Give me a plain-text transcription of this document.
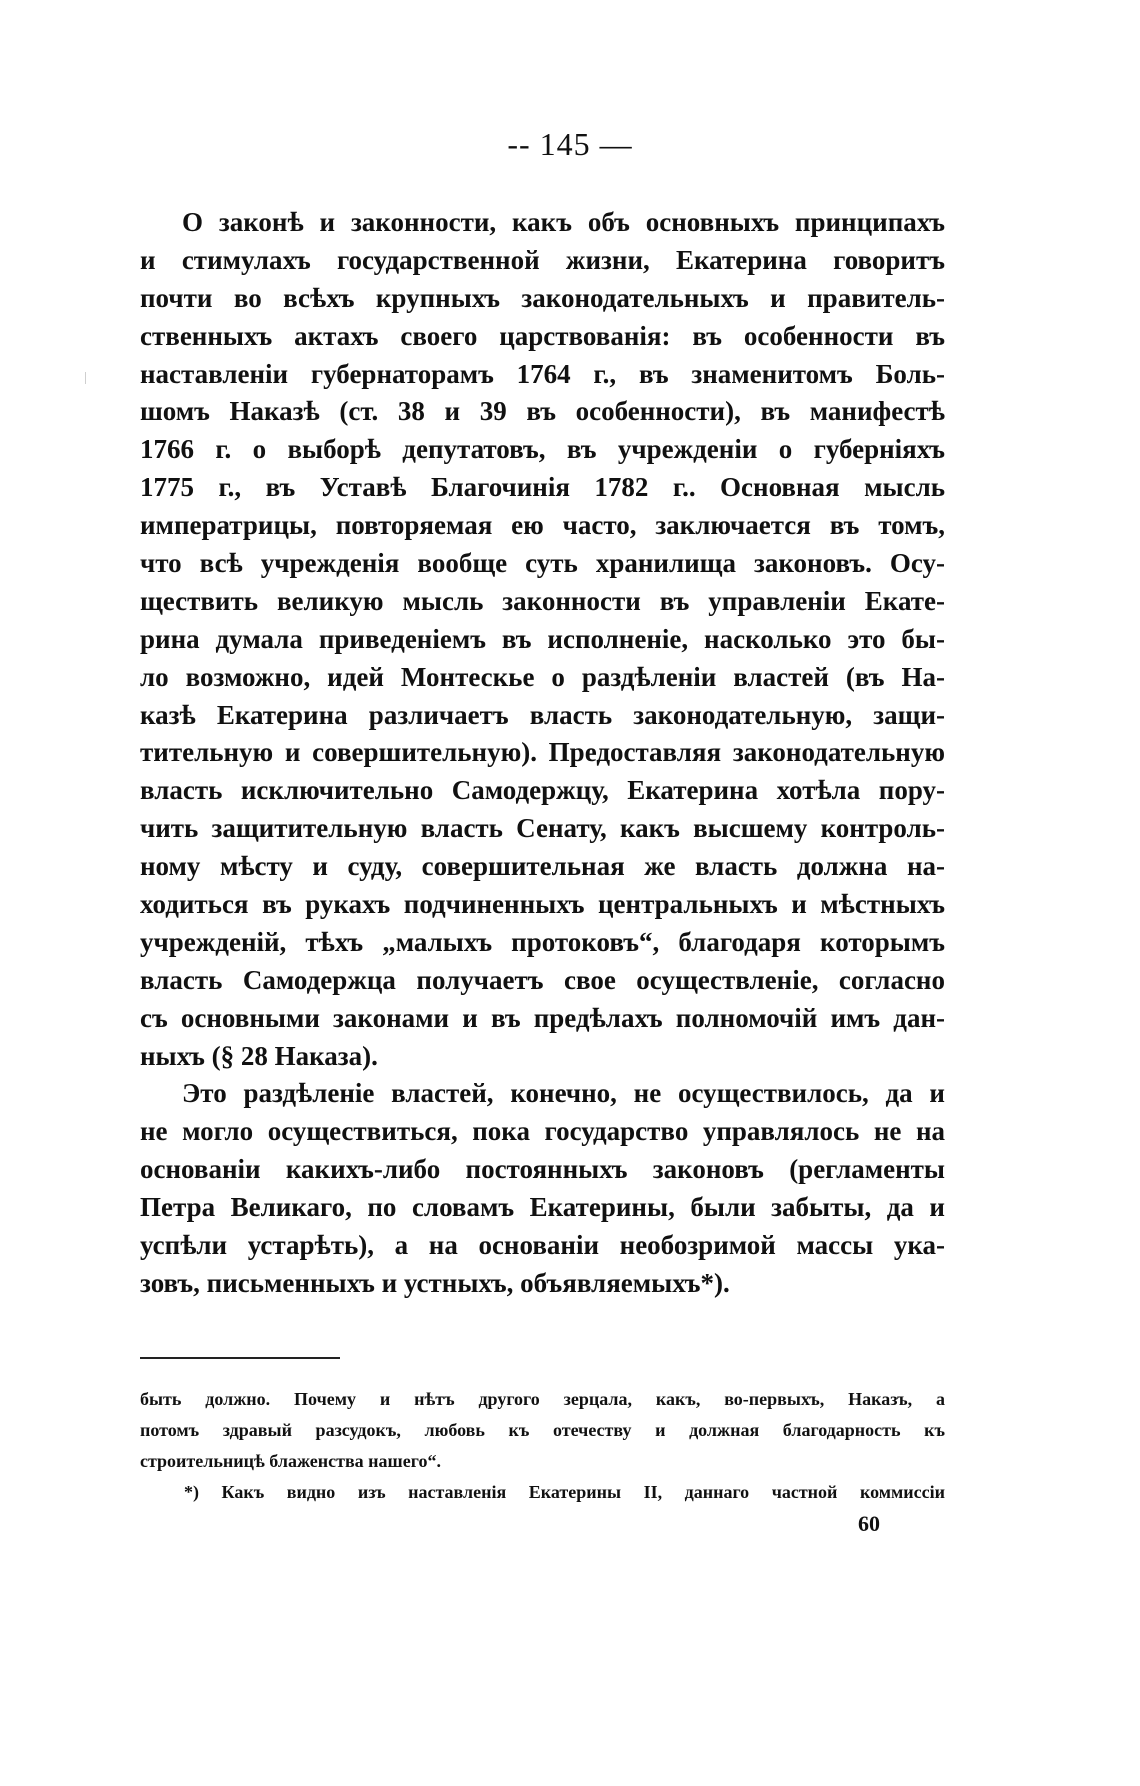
-- 145 —
О законѣ и законности, какъ объ основныхъ принципахъ
и стимулахъ государственной жизни, Екатерина говоритъ
почти во всѣхъ крупныхъ законодательныхъ и правитель-
ственныхъ актахъ своего царствованія: въ особенности въ
наставленіи губернаторамъ 1764 г., въ знаменитомъ Боль-
шомъ Наказѣ (ст. 38 и 39 въ особенности), въ манифестѣ
1766 г. о выборѣ депутатовъ, въ учрежденіи о губерніяхъ
1775 г., въ Уставѣ Благочинія 1782 г.. Основная мысль
императрицы, повторяемая ею часто, заключается въ томъ,
что всѣ учрежденія вообще суть хранилища законовъ. Осу-
ществить великую мысль законности въ управленіи Екате-
рина думала приведеніемъ въ исполненіе, насколько это бы-
ло возможно, идей Монтескье о раздѣленіи властей (въ На-
казѣ Екатерина различаетъ власть законодательную, защи-
тительную и совершительную). Предоставляя законодательную
власть исключительно Самодержцу, Екатерина хотѣла пору-
чить защитительную власть Сенату, какъ высшему контроль-
ному мѣсту и суду, совершительная же власть должна на-
ходиться въ рукахъ подчиненныхъ центральныхъ и мѣстныхъ
учрежденій, тѣхъ „малыхъ протоковъ“, благодаря которымъ
власть Самодержца получаетъ свое осуществленіе, согласно
съ основными законами и въ предѣлахъ полномочій имъ дан-
ныхъ (§ 28 Наказа).
Это раздѣленіе властей, конечно, не осуществилось, да и
не могло осуществиться, пока государство управлялось не на
основаніи какихъ-либо постоянныхъ законовъ (регламенты
Петра Великаго, по словамъ Екатерины, были забыты, да и
успѣли устарѣть), а на основаніи необозримой массы ука-
зовъ, письменныхъ и устныхъ, объявляемыхъ*).
быть должно. Почему и нѣтъ другого зерцала, какъ, во-первыхъ, Наказъ, а
потомъ здравый разсудокъ, любовь къ отечеству и должная благодарность къ
строительницѣ блаженства нашего“.
*) Какъ видно изъ наставленія Екатерины II, даннаго частной коммиссіи
60
